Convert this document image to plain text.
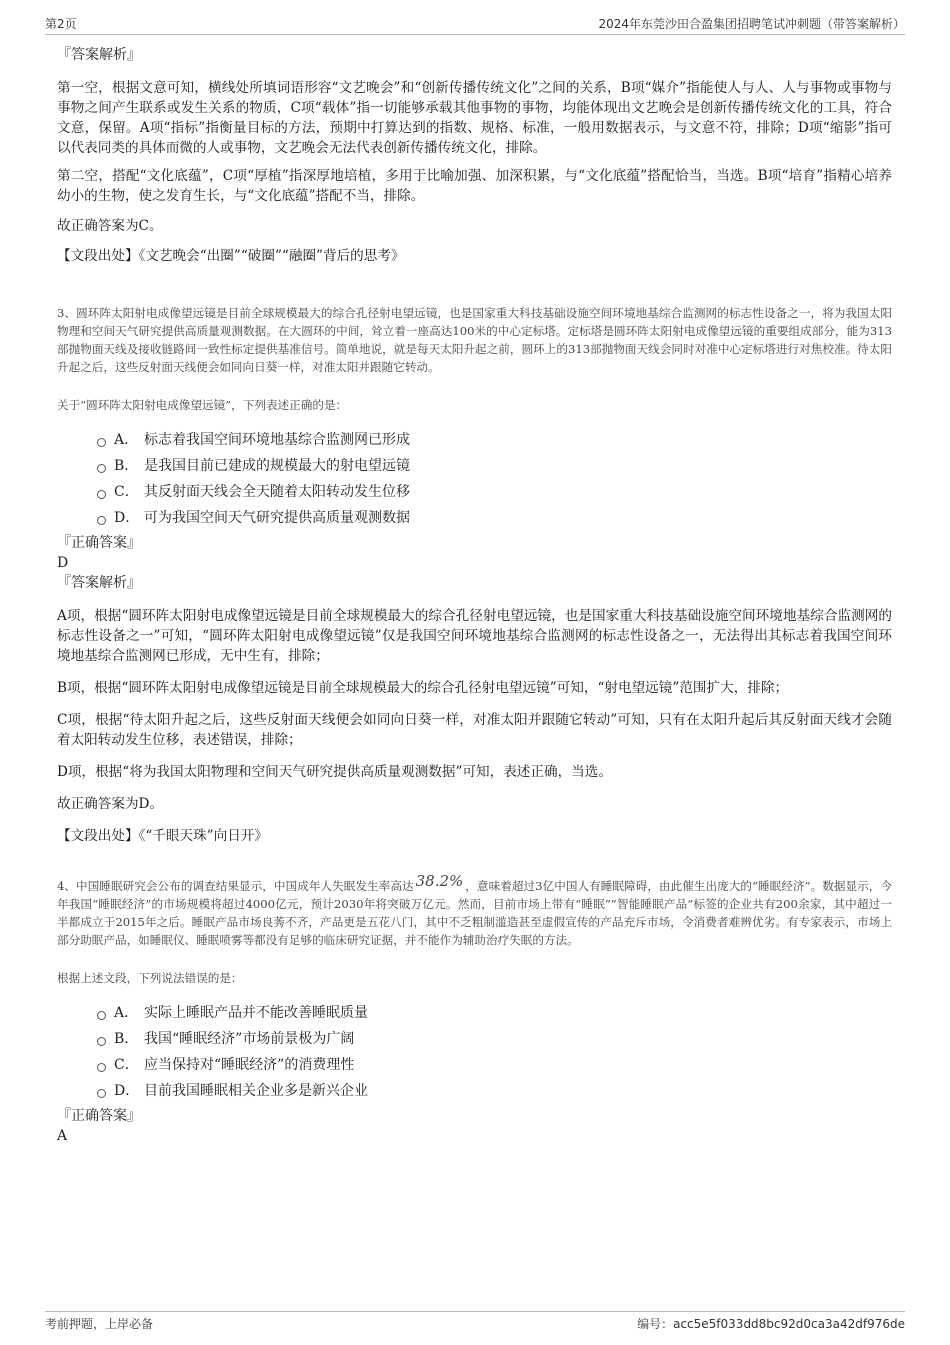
第2页	2024年东莞沙田合盈集团招聘笔试冲刺题（带答案解析）
『答案解析』

第一空，根据文意可知，横线处所填词语形容“文艺晚会”和“创新传播传统文化”之间的关系，B项“媒介”指能使人与人、人与事物或事物与事物之间产生联系或发生关系的物质，C项“载体”指一切能够承载其他事物的事物，均能体现出文艺晚会是创新传播传统文化的工具，符合文意，保留。A项“指标”指衡量目标的方法，预期中打算达到的指数、规格、标准，一般用数据表示，与文意不符，排除；D项“缩影”指可以代表同类的具体而微的人或事物，文艺晚会无法代表创新传播传统文化，排除。

第二空，搭配“文化底蕴”，C项“厚植”指深厚地培植，多用于比喻加强、加深积累，与“文化底蕴”搭配恰当，当选。B项“培育”指精心培养幼小的生物，使之发育生长，与“文化底蕴”搭配不当，排除。

故正确答案为C。

【文段出处】《文艺晚会“出圈”“破圈”“融圈”背后的思考》

3、圆环阵太阳射电成像望远镜是目前全球规模最大的综合孔径射电望远镜，也是国家重大科技基础设施空间环境地基综合监测网的标志性设备之一，将为我国太阳物理和空间天气研究提供高质量观测数据。在大圆环的中间，耸立着一座高达100米的中心定标塔。定标塔是圆环阵太阳射电成像望远镜的重要组成部分，能为313部抛物面天线及接收链路间一致性标定提供基准信号。简单地说，就是每天太阳升起之前，圆环上的313部抛物面天线会同时对准中心定标塔进行对焦校准。待太阳升起之后，这些反射面天线便会如同向日葵一样，对准太阳并跟随它转动。

关于“圆环阵太阳射电成像望远镜”，下列表述正确的是：
A． 标志着我国空间环境地基综合监测网已形成
B． 是我国目前已建成的规模最大的射电望远镜
C． 其反射面天线会全天随着太阳转动发生位移
D． 可为我国空间天气研究提供高质量观测数据
『正确答案』
D
『答案解析』

A项，根据“圆环阵太阳射电成像望远镜是目前全球规模最大的综合孔径射电望远镜，也是国家重大科技基础设施空间环境地基综合监测网的标志性设备之一”可知，“圆环阵太阳射电成像望远镜”仅是我国空间环境地基综合监测网的标志性设备之一，无法得出其标志着我国空间环境地基综合监测网已形成，无中生有，排除；

B项，根据“圆环阵太阳射电成像望远镜是目前全球规模最大的综合孔径射电望远镜”可知，“射电望远镜”范围扩大，排除；

C项，根据“待太阳升起之后，这些反射面天线便会如同向日葵一样，对准太阳并跟随它转动”可知，只有在太阳升起后其反射面天线才会随着太阳转动发生位移，表述错误，排除；

D项，根据“将为我国太阳物理和空间天气研究提供高质量观测数据”可知，表述正确，当选。

故正确答案为D。

【文段出处】《“千眼天珠”向日开》

4、中国睡眠研究会公布的调查结果显示，中国成年人失眠发生率高达 38.2% ，意味着超过3亿中国人有睡眠障碍，由此催生出庞大的“睡眠经济”。数据显示，今年我国“睡眠经济”的市场规模将超过4000亿元，预计2030年将突破万亿元。然而，目前市场上带有“睡眠”“智能睡眠产品”标签的企业共有200余家，其中超过一半都成立于2015年之后。睡眠产品市场良莠不齐，产品更是五花八门，其中不乏粗制滥造甚至虚假宣传的产品充斥市场，令消费者难辨优劣。有专家表示，市场上部分助眠产品，如睡眠仪、睡眠喷雾等都没有足够的临床研究证据，并不能作为辅助治疗失眠的方法。

根据上述文段，下列说法错误的是：
A． 实际上睡眠产品并不能改善睡眠质量
B． 我国“睡眠经济”市场前景极为广阔
C． 应当保持对“睡眠经济”的消费理性
D． 目前我国睡眠相关企业多是新兴企业
『正确答案』
A
考前押题，上岸必备	编号：acc5e5f033dd8bc92d0ca3a42df976de
